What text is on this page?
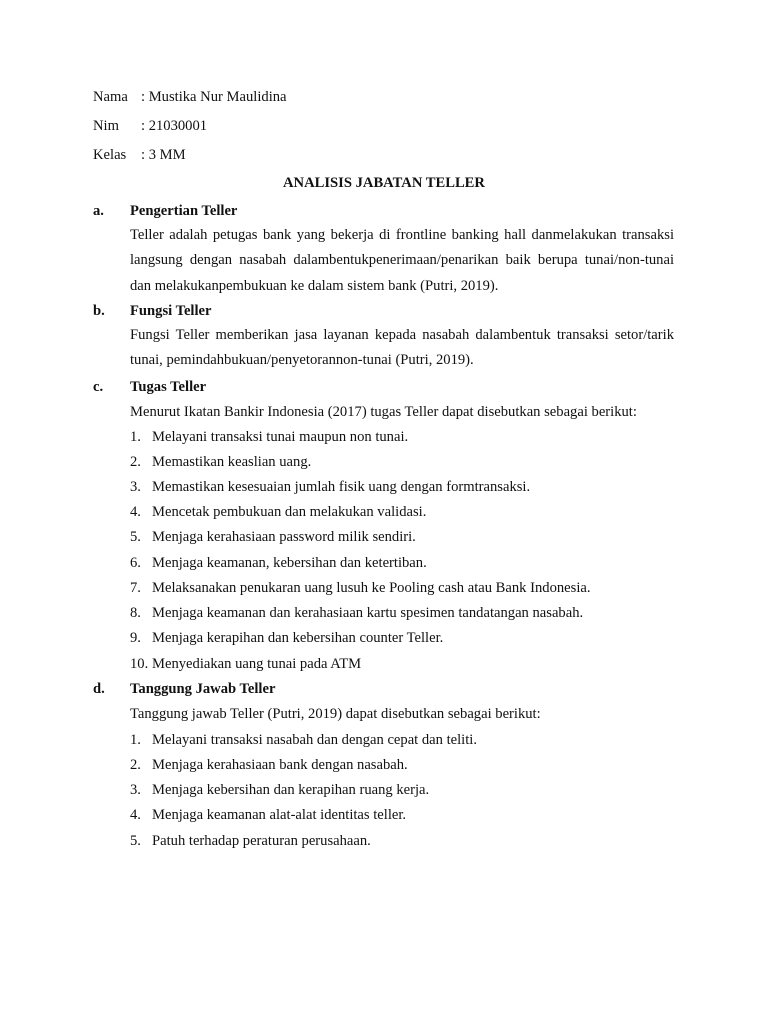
Nama : Mustika Nur Maulidina
Nim : 21030001
Kelas : 3 MM
ANALISIS JABATAN TELLER
a. Pengertian Teller
Teller adalah petugas bank yang bekerja di frontline banking hall danmelakukan transaksi langsung dengan nasabah dalambentukpenerimaan/penarikan baik berupa tunai/non-tunai dan melakukanpembukuan ke dalam sistem bank (Putri, 2019).
b. Fungsi Teller
Fungsi Teller memberikan jasa layanan kepada nasabah dalambentuk transaksi setor/tarik tunai, pemindahbukuan/penyetorannon-tunai (Putri, 2019).
c. Tugas Teller
Menurut Ikatan Bankir Indonesia (2017) tugas Teller dapat disebutkan sebagai berikut:
1. Melayani transaksi tunai maupun non tunai.
2. Memastikan keaslian uang.
3. Memastikan kesesuaian jumlah fisik uang dengan formtransaksi.
4. Mencetak pembukuan dan melakukan validasi.
5. Menjaga kerahasiaan password milik sendiri.
6. Menjaga keamanan, kebersihan dan ketertiban.
7. Melaksanakan penukaran uang lusuh ke Pooling cash atau Bank Indonesia.
8. Menjaga keamanan dan kerahasiaan kartu spesimen tandatangan nasabah.
9. Menjaga kerapihan dan kebersihan counter Teller.
10. Menyediakan uang tunai pada ATM
d. Tanggung Jawab Teller
Tanggung jawab Teller (Putri, 2019) dapat disebutkan sebagai berikut:
1. Melayani transaksi nasabah dan dengan cepat dan teliti.
2. Menjaga kerahasiaan bank dengan nasabah.
3. Menjaga kebersihan dan kerapihan ruang kerja.
4. Menjaga keamanan alat-alat identitas teller.
5. Patuh terhadap peraturan perusahaan.
